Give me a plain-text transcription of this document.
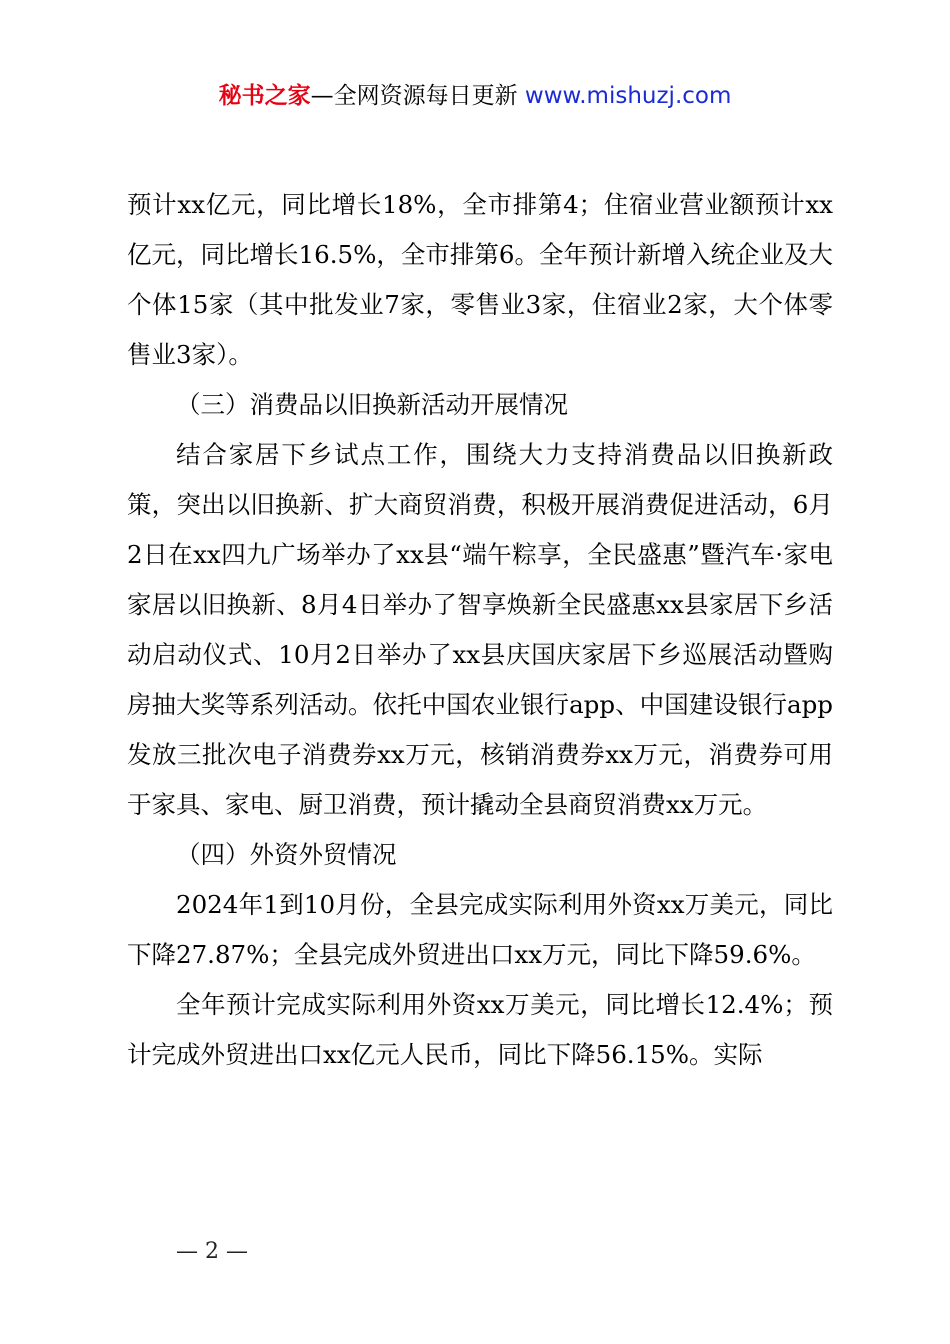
秘书之家—全网资源每日更新 www.mishuzj.com

预计xx亿元，同比增长18%，全市排第4；住宿业营业额预计xx亿元，同比增长16.5%，全市排第6。全年预计新增入统企业及大个体15家（其中批发业7家，零售业3家，住宿业2家，大个体零售业3家）。

（三）消费品以旧换新活动开展情况

结合家居下乡试点工作，围绕大力支持消费品以旧换新政策，突出以旧换新、扩大商贸消费，积极开展消费促进活动，6月2日在xx四九广场举办了xx县“端午粽享，全民盛惠”暨汽车·家电家居以旧换新、8月4日举办了智享焕新全民盛惠xx县家居下乡活动启动仪式、10月2日举办了xx县庆国庆家居下乡巡展活动暨购房抽大奖等系列活动。依托中国农业银行app、中国建设银行app发放三批次电子消费券xx万元，核销消费券xx万元，消费券可用于家具、家电、厨卫消费，预计撬动全县商贸消费xx万元。

（四）外资外贸情况

2024年1到10月份，全县完成实际利用外资xx万美元，同比下降27.87%；全县完成外贸进出口xx万元，同比下降59.6%。

全年预计完成实际利用外资xx万美元，同比增长12.4%；预计完成外贸进出口xx亿元人民币，同比下降56.15%。实际

— 2 —
